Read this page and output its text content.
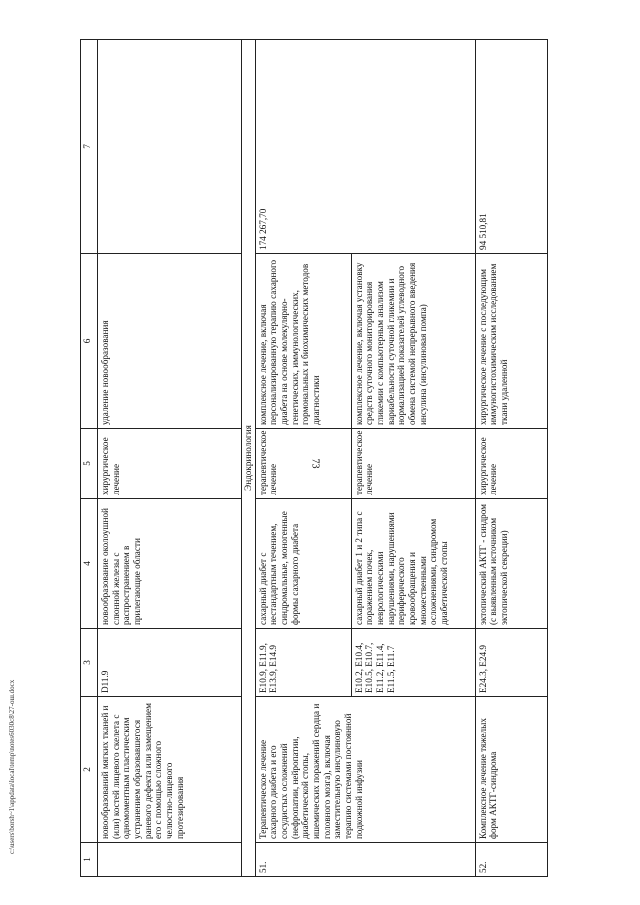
73
1	2	3	4	5	6	7
	новообразований мягких тканей и (или) костей лицевого скелета с одномоментным пластическим устранением образовавшегося раневого дефекта или замещением его с помощью сложного челюстно-лицевого протезирования	D11.9	новообразование околоушной слюнной железы с распространением в прилегающие области	хирургическое лечение	удаление новообразования	
Эндокринология						
51.	Терапевтическое лечение сахарного диабета и его сосудистых осложнений (нефропатии, нейропатии, диабетической стопы, ишемических поражений сердца и головного мозга), включая заместительную инсулиновую терапию системами постоянной подкожной инфузии	E10.9, E11.9, E13.9, E14.9	сахарный диабет с нестандартным течением, синдромальные, моногенные формы сахарного диабета	терапевтическое лечение	комплексное лечение, включая персонализированную терапию сахарного диабета на основе молекулярно-генетических, иммунологических, гормональных и биохимических методов диагностики	174 267,70
		E10.2, E10.4, E10.5, E10.7, E11.2, E11.4, E11.5, E11.7	сахарный диабет 1 и 2 типа с поражением почек, неврологическими нарушениями, нарушениями периферического кровообращения и множественными осложнениями, синдромом диабетической стопы	терапевтическое лечение	комплексное лечение, включая установку средств суточного мониторирования гликемии с компьютерным анализом вариабельности суточной гликемии и нормализацией показателей углеводного обмена системой непрерывного введения инсулина (инсулиновая помпа)	
52.	Комплексное лечение тяжелых форм АКТГ-синдрома	E24.3, E24.9	эктопический АКТГ - синдром (с выявленным источником эктопической секреции)	хирургическое лечение	хирургическое лечение с последующим иммуногистохимическим исследованием ткани удаленной	94 510,81
c:\users\borsh~1\appdata\local\temp\notes6030c8\27-ош.docx
